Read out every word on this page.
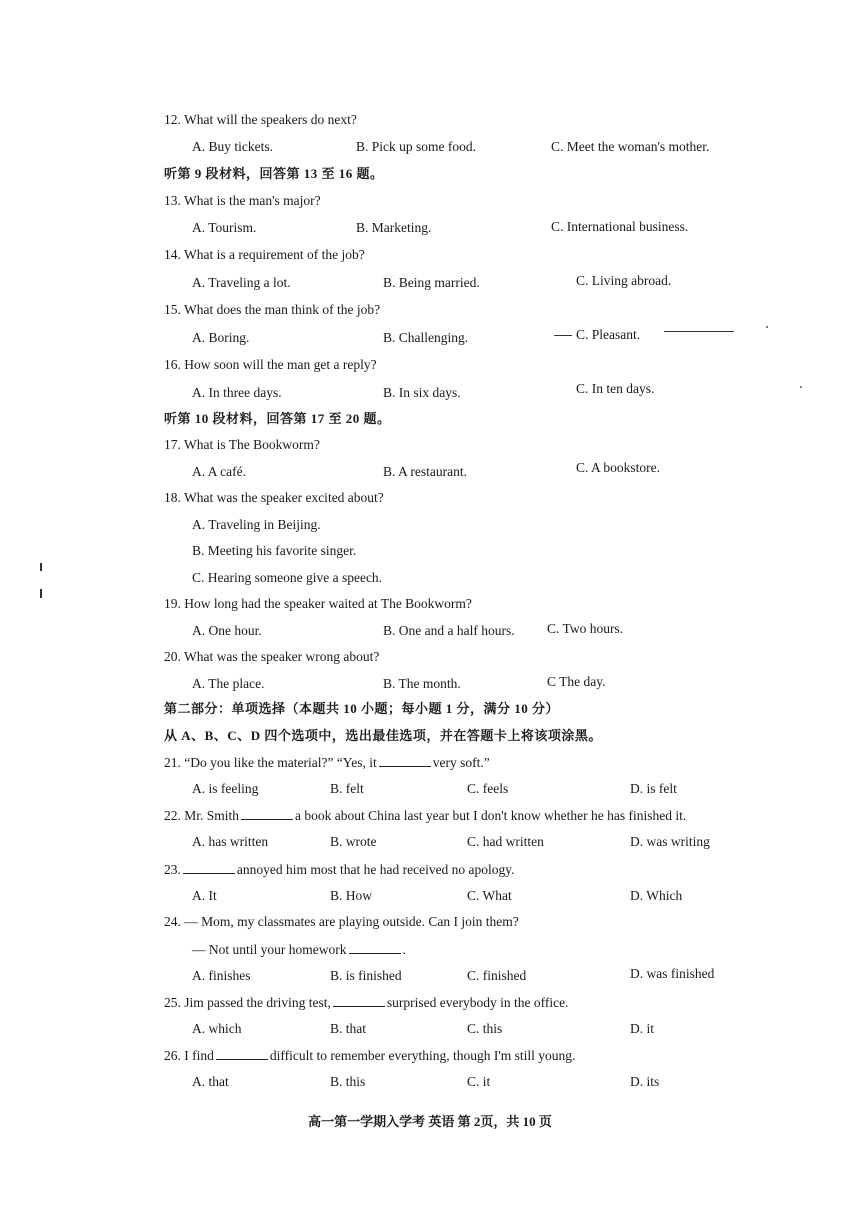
12. What will the speakers do next?
A. Buy tickets.	B. Pick up some food.	C. Meet the woman's mother.
听第 9 段材料，回答第 13 至 16 题。
13. What is the man's major?
A. Tourism.	B. Marketing.	C. International business.
14. What is a requirement of the job?
A. Traveling a lot.	B. Being married.	C. Living abroad.
15. What does the man think of the job?
A. Boring.	B. Challenging.	C. Pleasant.
16. How soon will the man get a reply?
A. In three days.	B. In six days.	C. In ten days.
听第 10 段材料，回答第 17 至 20 题。
17. What is The Bookworm?
A. A café.	B. A restaurant.	C. A bookstore.
18. What was the speaker excited about?
A. Traveling in Beijing.
B. Meeting his favorite singer.
C. Hearing someone give a speech.
19. How long had the speaker waited at The Bookworm?
A. One hour.	B. One and a half hours. C. Two hours.
20. What was the speaker wrong about?
A. The place.	B. The month.	C The day.
第二部分：单项选择（本题共 10 小题；每小题 1 分，满分 10 分）
从 A、B、C、D 四个选项中，选出最佳选项，并在答题卡上将该项涂黑。
21. “Do you like the material?” “Yes, it	very soft.”
A. is feeling	B. felt	C. feels	D. is felt
22. Mr. Smith	a book about China last year but I don't know whether he has finished it.
A. has written	B. wrote	C. had written	D. was writing
23.	annoyed him most that he had received no apology.
A. It	B. How	C. What	D. Which
24. — Mom, my classmates are playing outside. Can I join them?
— Not until your homework	.
A. finishes	B. is finished	C. finished	D. was finished
25. Jim passed the driving test,	surprised everybody in the office.
A. which	B. that	C. this	D. it
26. I find	difficult to remember everything, though I'm still young.
A. that	B. this	C. it	D. its
高一第一学期入学考 英语 第 2页，共 10 页
